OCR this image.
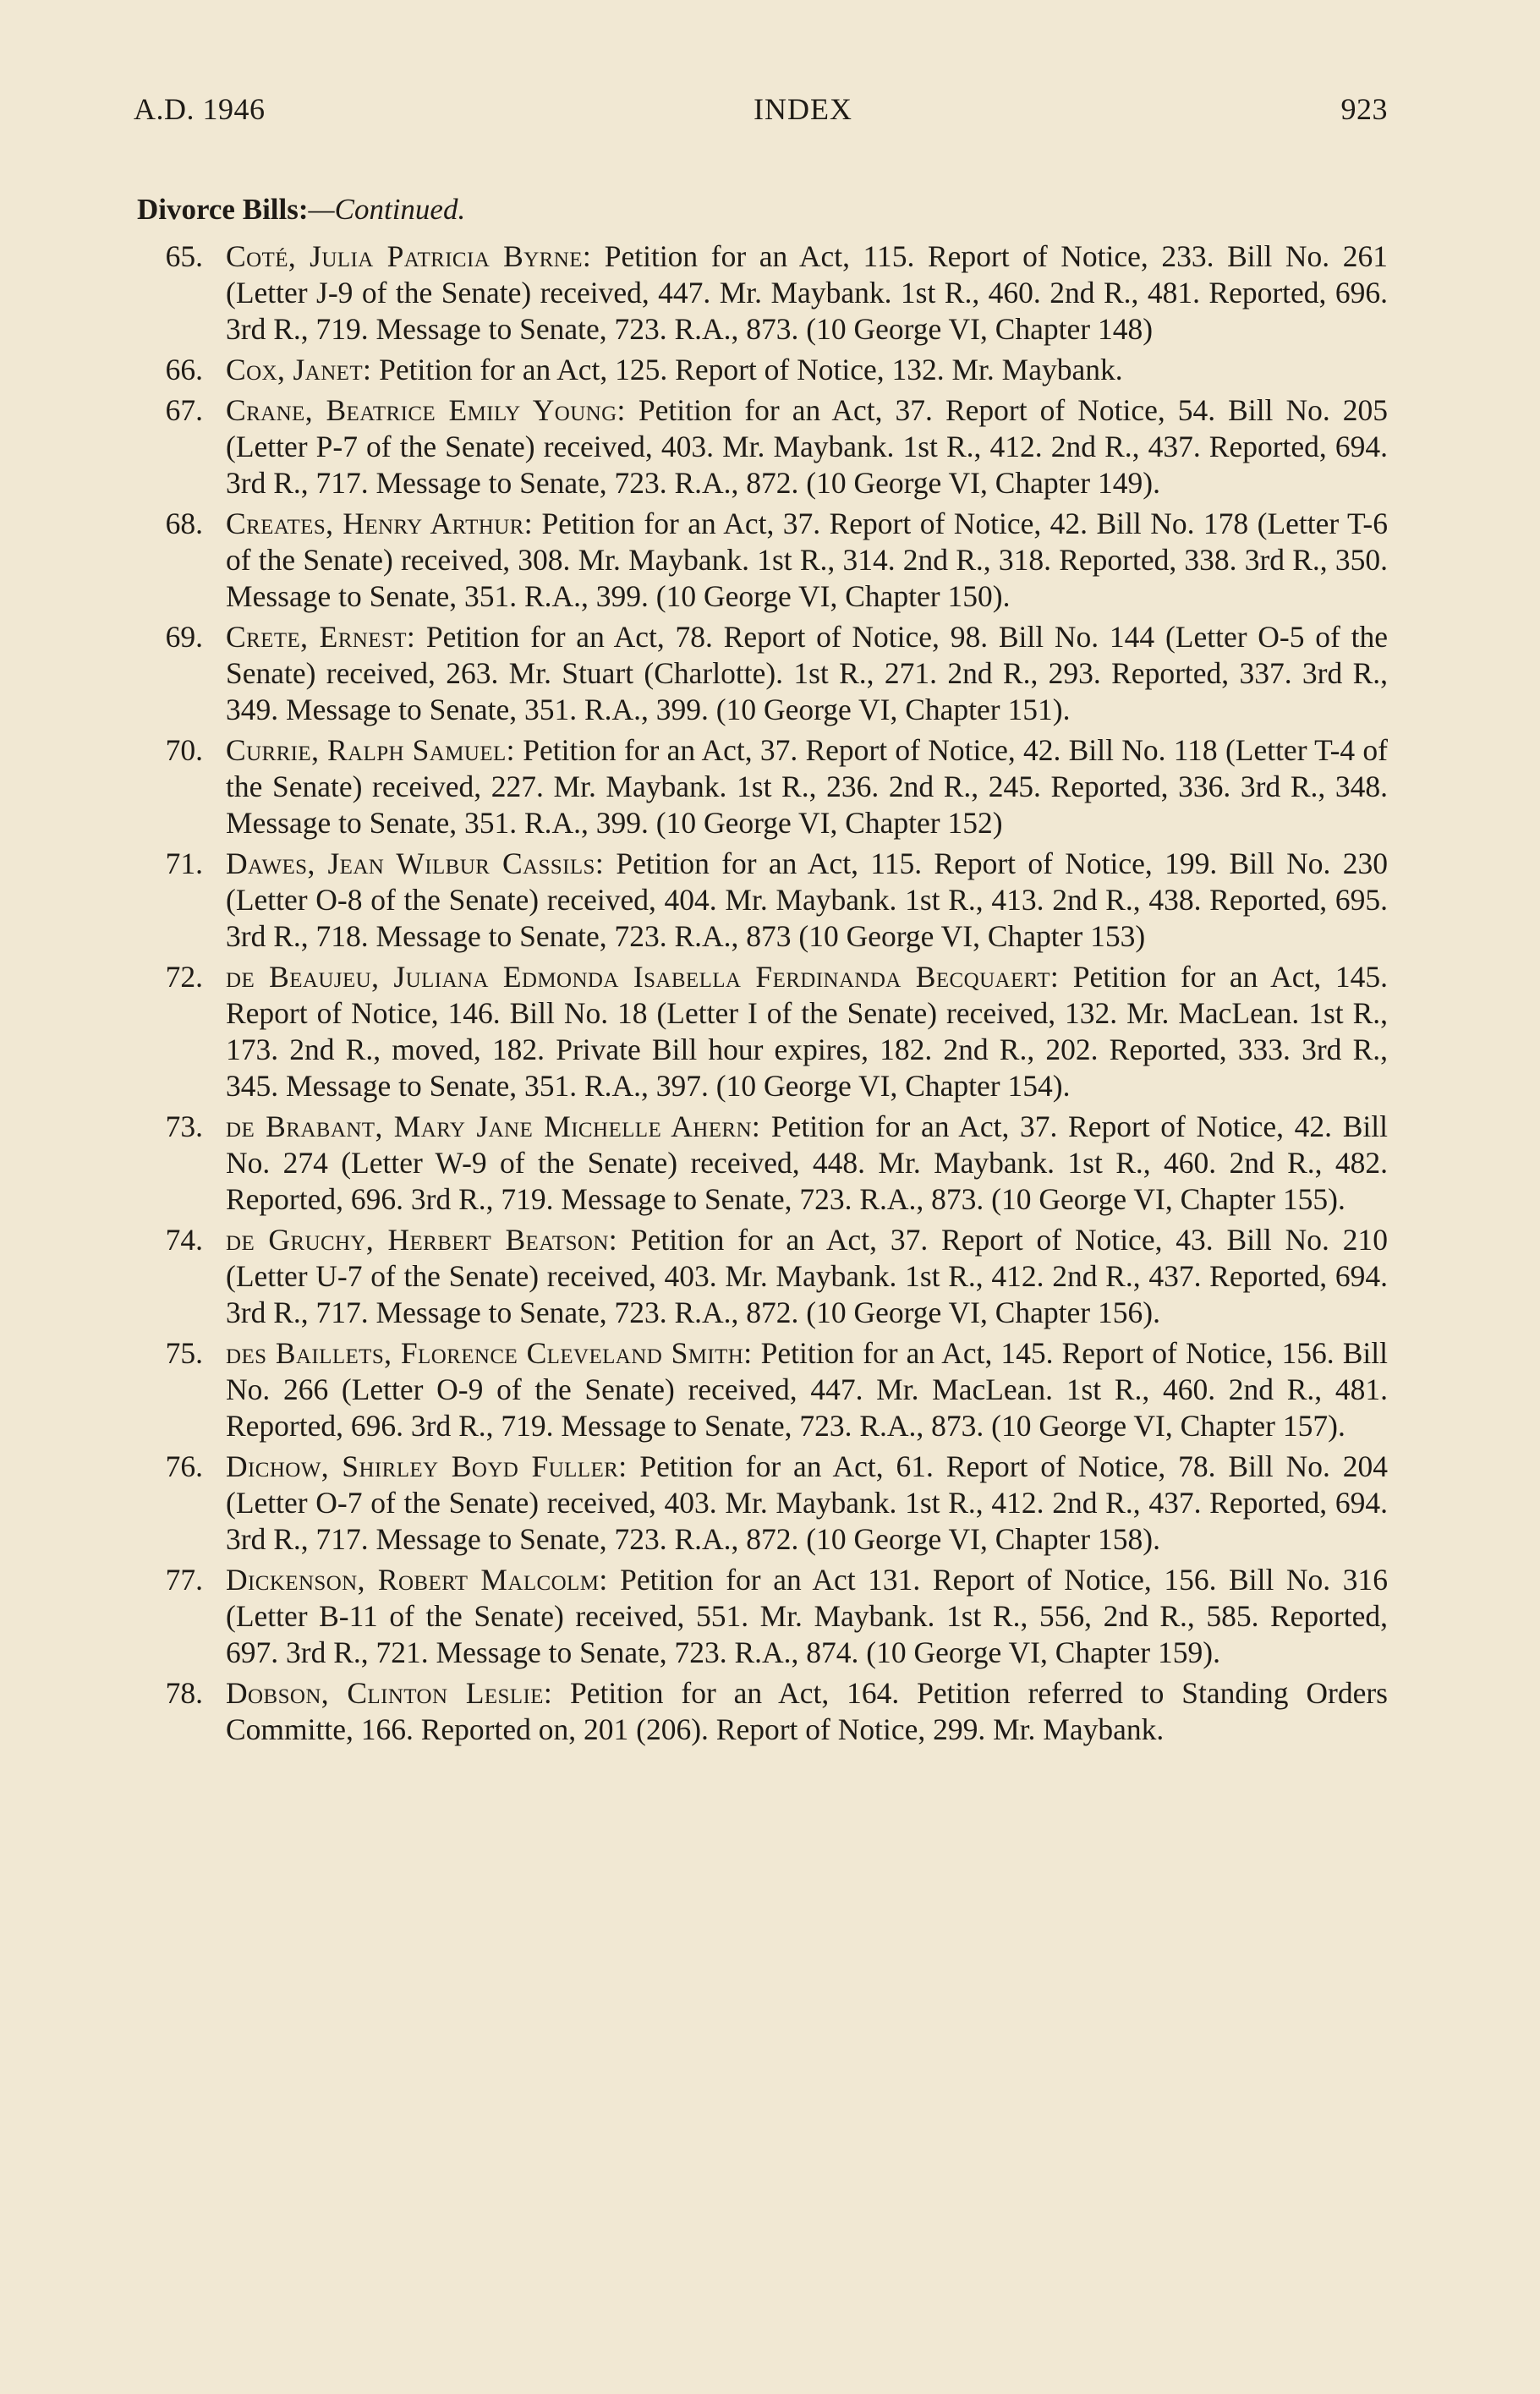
A.D. 1946	INDEX	923
Divorce Bills:—Continued.
65. Coté, Julia Patricia Byrne: Petition for an Act, 115. Report of Notice, 233. Bill No. 261 (Letter J-9 of the Senate) received, 447. Mr. Maybank. 1st R., 460. 2nd R., 481. Reported, 696. 3rd R., 719. Message to Senate, 723. R.A., 873. (10 George VI, Chapter 148)
66. Cox, Janet: Petition for an Act, 125. Report of Notice, 132. Mr. Maybank.
67. Crane, Beatrice Emily Young: Petition for an Act, 37. Report of Notice, 54. Bill No. 205 (Letter P-7 of the Senate) received, 403. Mr. Maybank. 1st R., 412. 2nd R., 437. Reported, 694. 3rd R., 717. Message to Senate, 723. R.A., 872. (10 George VI, Chapter 149).
68. Creates, Henry Arthur: Petition for an Act, 37. Report of Notice, 42. Bill No. 178 (Letter T-6 of the Senate) received, 308. Mr. Maybank. 1st R., 314. 2nd R., 318. Reported, 338. 3rd R., 350. Message to Senate, 351. R.A., 399. (10 George VI, Chapter 150).
69. Crete, Ernest: Petition for an Act, 78. Report of Notice, 98. Bill No. 144 (Letter O-5 of the Senate) received, 263. Mr. Stuart (Charlotte). 1st R., 271. 2nd R., 293. Reported, 337. 3rd R., 349. Message to Senate, 351. R.A., 399. (10 George VI, Chapter 151).
70. Currie, Ralph Samuel: Petition for an Act, 37. Report of Notice, 42. Bill No. 118 (Letter T-4 of the Senate) received, 227. Mr. Maybank. 1st R., 236. 2nd R., 245. Reported, 336. 3rd R., 348. Message to Senate, 351. R.A., 399. (10 George VI, Chapter 152)
71. Dawes, Jean Wilbur Cassils: Petition for an Act, 115. Report of Notice, 199. Bill No. 230 (Letter O-8 of the Senate) received, 404. Mr. Maybank. 1st R., 413. 2nd R., 438. Reported, 695. 3rd R., 718. Message to Senate, 723. R.A., 873 (10 George VI, Chapter 153)
72. de Beaujeu, Juliana Edmonda Isabella Ferdinanda Becquaert: Petition for an Act, 145. Report of Notice, 146. Bill No. 18 (Letter I of the Senate) received, 132. Mr. MacLean. 1st R., 173. 2nd R., moved, 182. Private Bill hour expires, 182. 2nd R., 202. Reported, 333. 3rd R., 345. Message to Senate, 351. R.A., 397. (10 George VI, Chapter 154).
73. de Brabant, Mary Jane Michelle Ahern: Petition for an Act, 37. Report of Notice, 42. Bill No. 274 (Letter W-9 of the Senate) received, 448. Mr. Maybank. 1st R., 460. 2nd R., 482. Reported, 696. 3rd R., 719. Message to Senate, 723. R.A., 873. (10 George VI, Chapter 155).
74. de Gruchy, Herbert Beatson: Petition for an Act, 37. Report of Notice, 43. Bill No. 210 (Letter U-7 of the Senate) received, 403. Mr. Maybank. 1st R., 412. 2nd R., 437. Reported, 694. 3rd R., 717. Message to Senate, 723. R.A., 872. (10 George VI, Chapter 156).
75. des Baillets, Florence Cleveland Smith: Petition for an Act, 145. Report of Notice, 156. Bill No. 266 (Letter O-9 of the Senate) received, 447. Mr. MacLean. 1st R., 460. 2nd R., 481. Reported, 696. 3rd R., 719. Message to Senate, 723. R.A., 873. (10 George VI, Chapter 157).
76. Dichow, Shirley Boyd Fuller: Petition for an Act, 61. Report of Notice, 78. Bill No. 204 (Letter O-7 of the Senate) received, 403. Mr. Maybank. 1st R., 412. 2nd R., 437. Reported, 694. 3rd R., 717. Message to Senate, 723. R.A., 872. (10 George VI, Chapter 158).
77. Dickenson, Robert Malcolm: Petition for an Act 131. Report of Notice, 156. Bill No. 316 (Letter B-11 of the Senate) received, 551. Mr. Maybank. 1st R., 556, 2nd R., 585. Reported, 697. 3rd R., 721. Message to Senate, 723. R.A., 874. (10 George VI, Chapter 159).
78. Dobson, Clinton Leslie: Petition for an Act, 164. Petition referred to Standing Orders Committe, 166. Reported on, 201 (206). Report of Notice, 299. Mr. Maybank.
